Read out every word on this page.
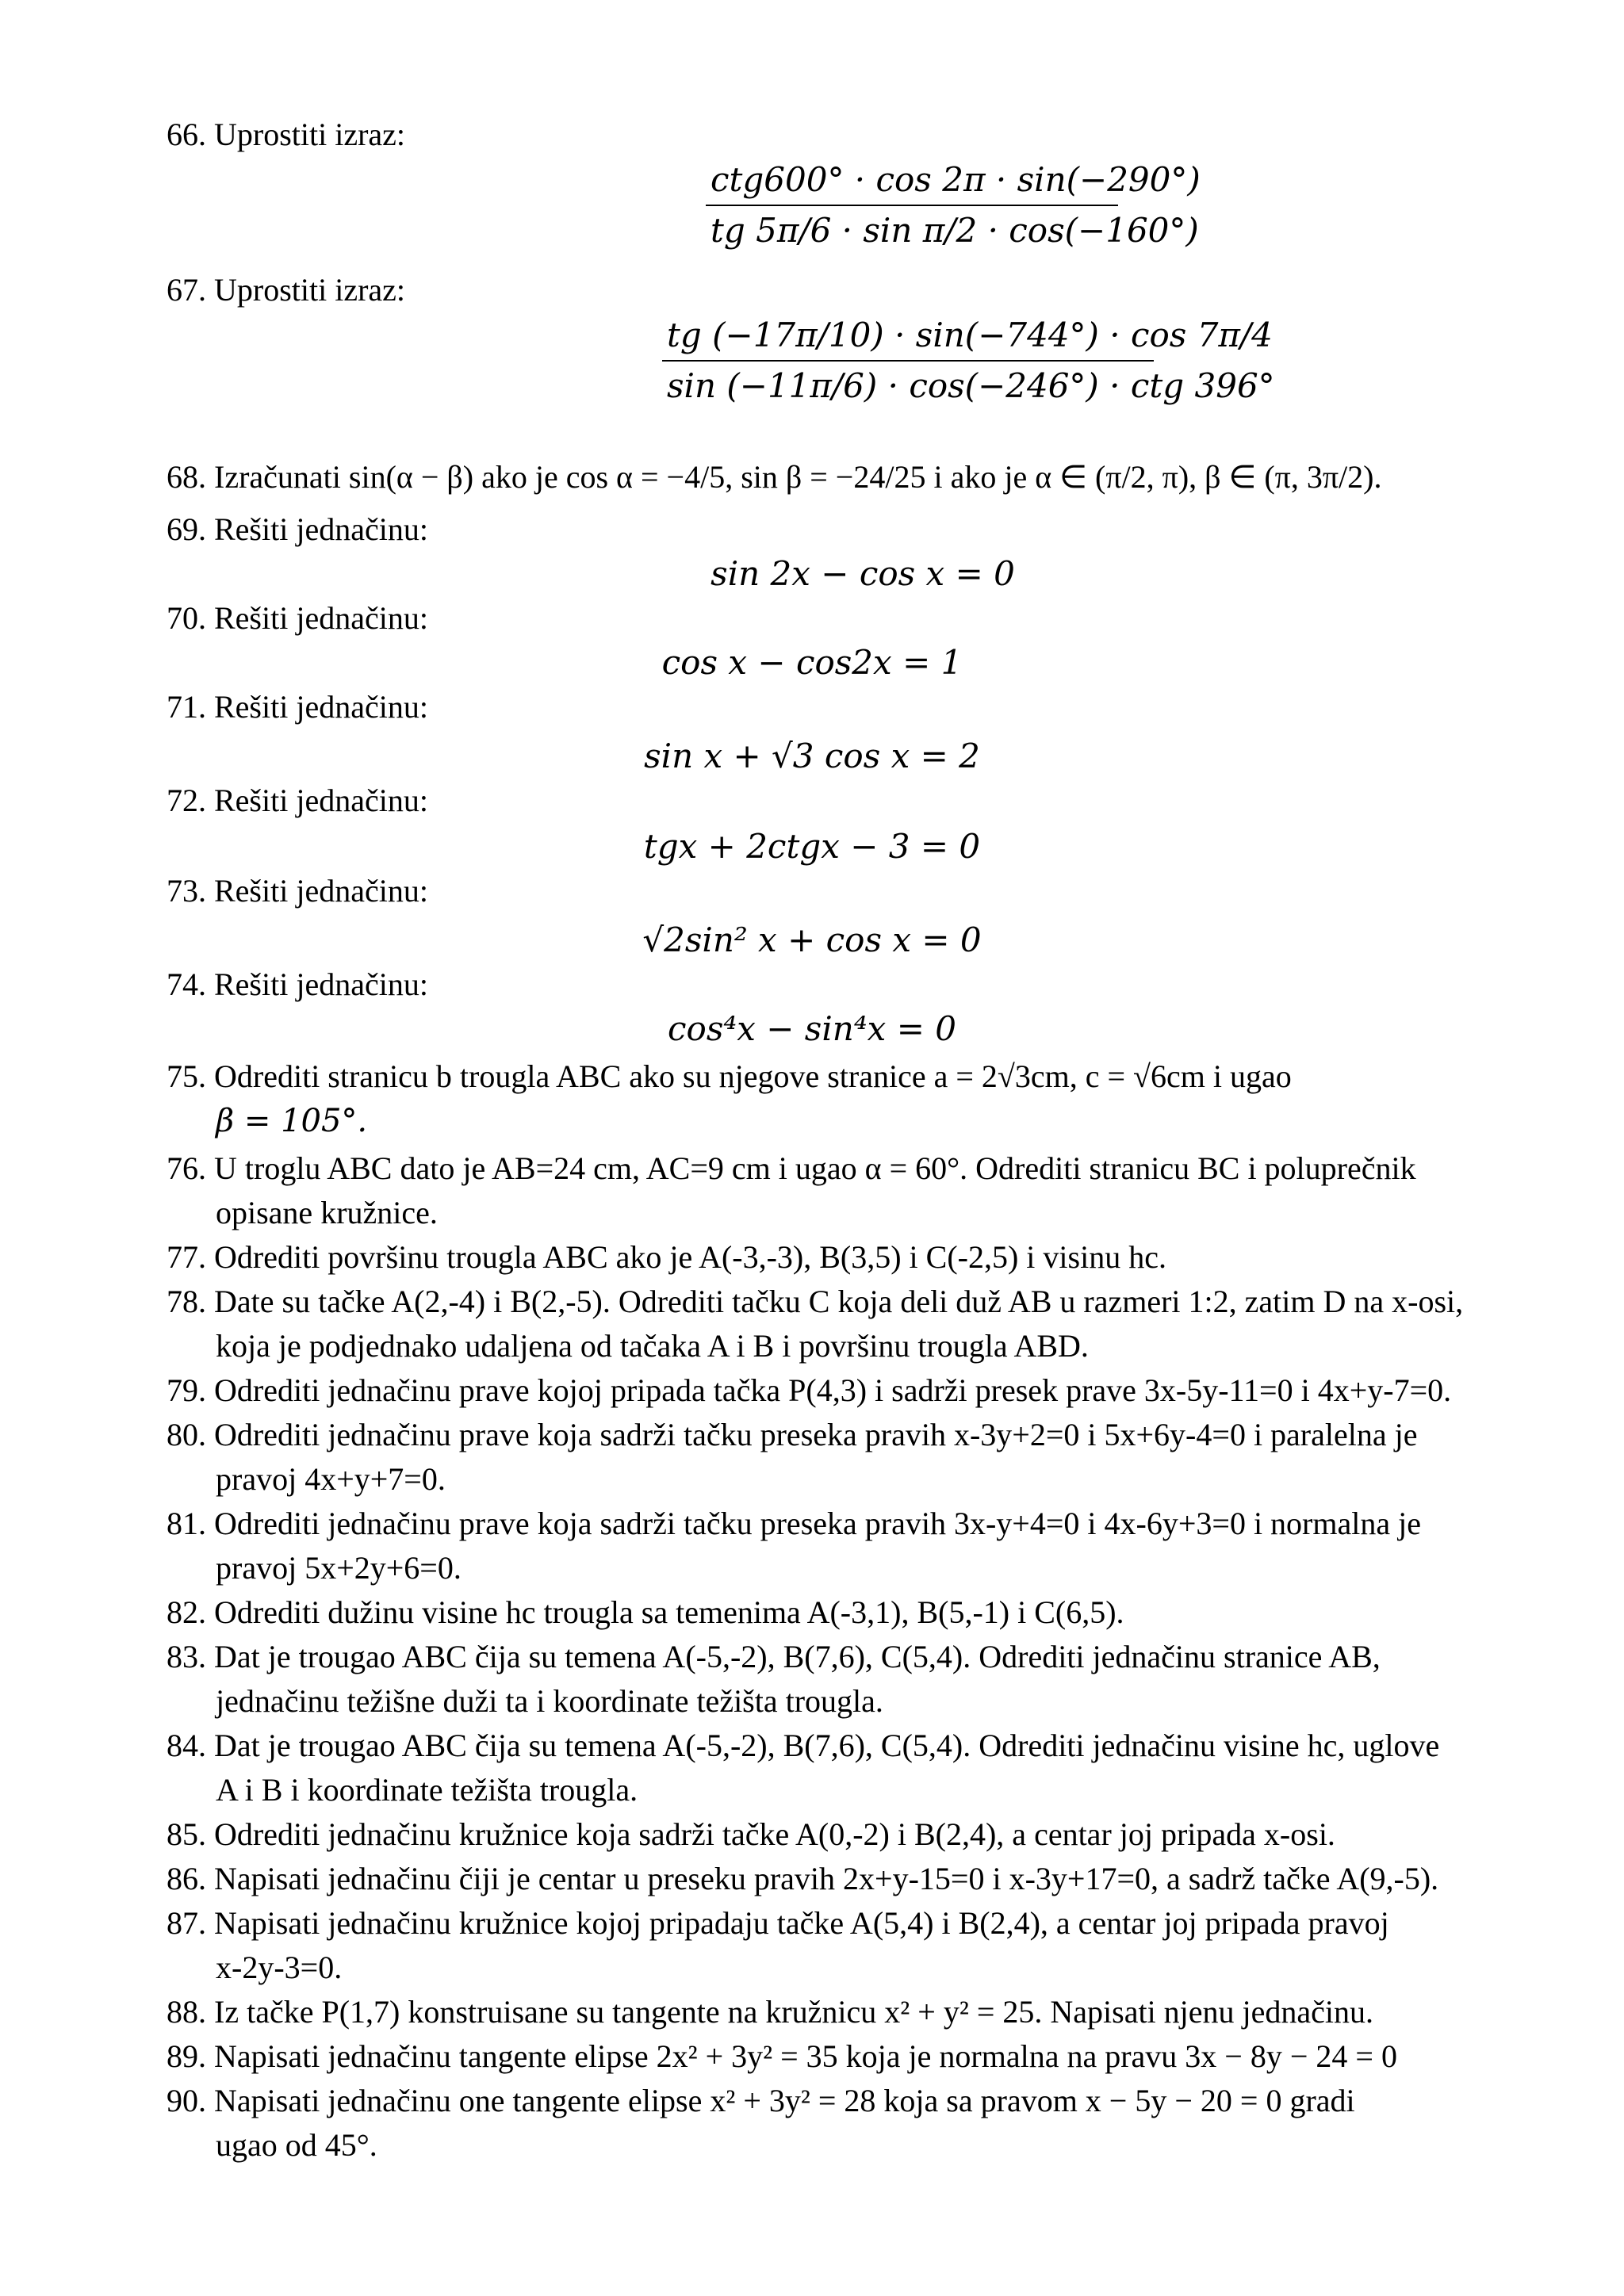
66. Uprostiti izraz:
ctg600° · cos 2π · sin(−290°)
tg 5π/6 · sin π/2 · cos(−160°)
67. Uprostiti izraz:
tg (−17π/10) · sin(−744°) · cos 7π/4
sin (−11π/6) · cos(−246°) · ctg 396°
68. Izračunati sin(α − β) ako je cos α = −4/5, sin β = −24/25 i ako je α ∈ (π/2, π), β ∈ (π, 3π/2).
69. Rešiti jednačinu:
sin 2x − cos x = 0
70. Rešiti jednačinu:
cos x − cos2x = 1
71. Rešiti jednačinu:
sin x + √3 cos x = 2
72. Rešiti jednačinu:
tgx + 2ctgx − 3 = 0
73. Rešiti jednačinu:
√2sin² x + cos x = 0
74. Rešiti jednačinu:
cos⁴x − sin⁴x = 0
75. Odrediti stranicu b trougla ABC ako su njegove stranice a = 2√3cm, c = √6cm i ugao
β = 105°.
76. U troglu ABC dato je AB=24 cm, AC=9 cm i ugao α = 60°. Odrediti stranicu BC i poluprečnik
opisane kružnice.
77. Odrediti površinu trougla ABC ako je A(-3,-3), B(3,5) i C(-2,5) i visinu hc.
78. Date su tačke A(2,-4) i B(2,-5). Odrediti tačku C koja deli duž AB u razmeri 1:2, zatim D na x-osi,
koja je podjednako udaljena od tačaka A i B i površinu trougla ABD.
79. Odrediti jednačinu prave kojoj pripada tačka P(4,3) i sadrži presek prave 3x-5y-11=0 i 4x+y-7=0.
80. Odrediti jednačinu prave koja sadrži tačku preseka pravih x-3y+2=0 i 5x+6y-4=0 i paralelna je
pravoj 4x+y+7=0.
81. Odrediti jednačinu prave koja sadrži tačku preseka pravih 3x-y+4=0 i 4x-6y+3=0 i normalna je
pravoj 5x+2y+6=0.
82. Odrediti dužinu visine hc trougla sa temenima A(-3,1), B(5,-1) i C(6,5).
83. Dat je trougao ABC čija su temena A(-5,-2), B(7,6), C(5,4). Odrediti jednačinu stranice AB,
jednačinu težišne duži ta i koordinate težišta trougla.
84. Dat je trougao ABC čija su temena A(-5,-2), B(7,6), C(5,4). Odrediti jednačinu visine hc, uglove
A i B i koordinate težišta trougla.
85. Odrediti jednačinu kružnice koja sadrži tačke A(0,-2) i B(2,4), a centar joj pripada x-osi.
86. Napisati jednačinu čiji je centar u preseku pravih 2x+y-15=0 i x-3y+17=0, a sadrž tačke A(9,-5).
87. Napisati jednačinu kružnice kojoj pripadaju tačke A(5,4) i B(2,4), a centar joj pripada pravoj
x-2y-3=0.
88. Iz tačke P(1,7) konstruisane su tangente na kružnicu x² + y² = 25. Napisati njenu jednačinu.
89. Napisati jednačinu tangente elipse 2x² + 3y² = 35 koja je normalna na pravu 3x − 8y − 24 = 0
90. Napisati jednačinu one tangente elipse x² + 3y² = 28 koja sa pravom x − 5y − 20 = 0 gradi
ugao od 45°.
